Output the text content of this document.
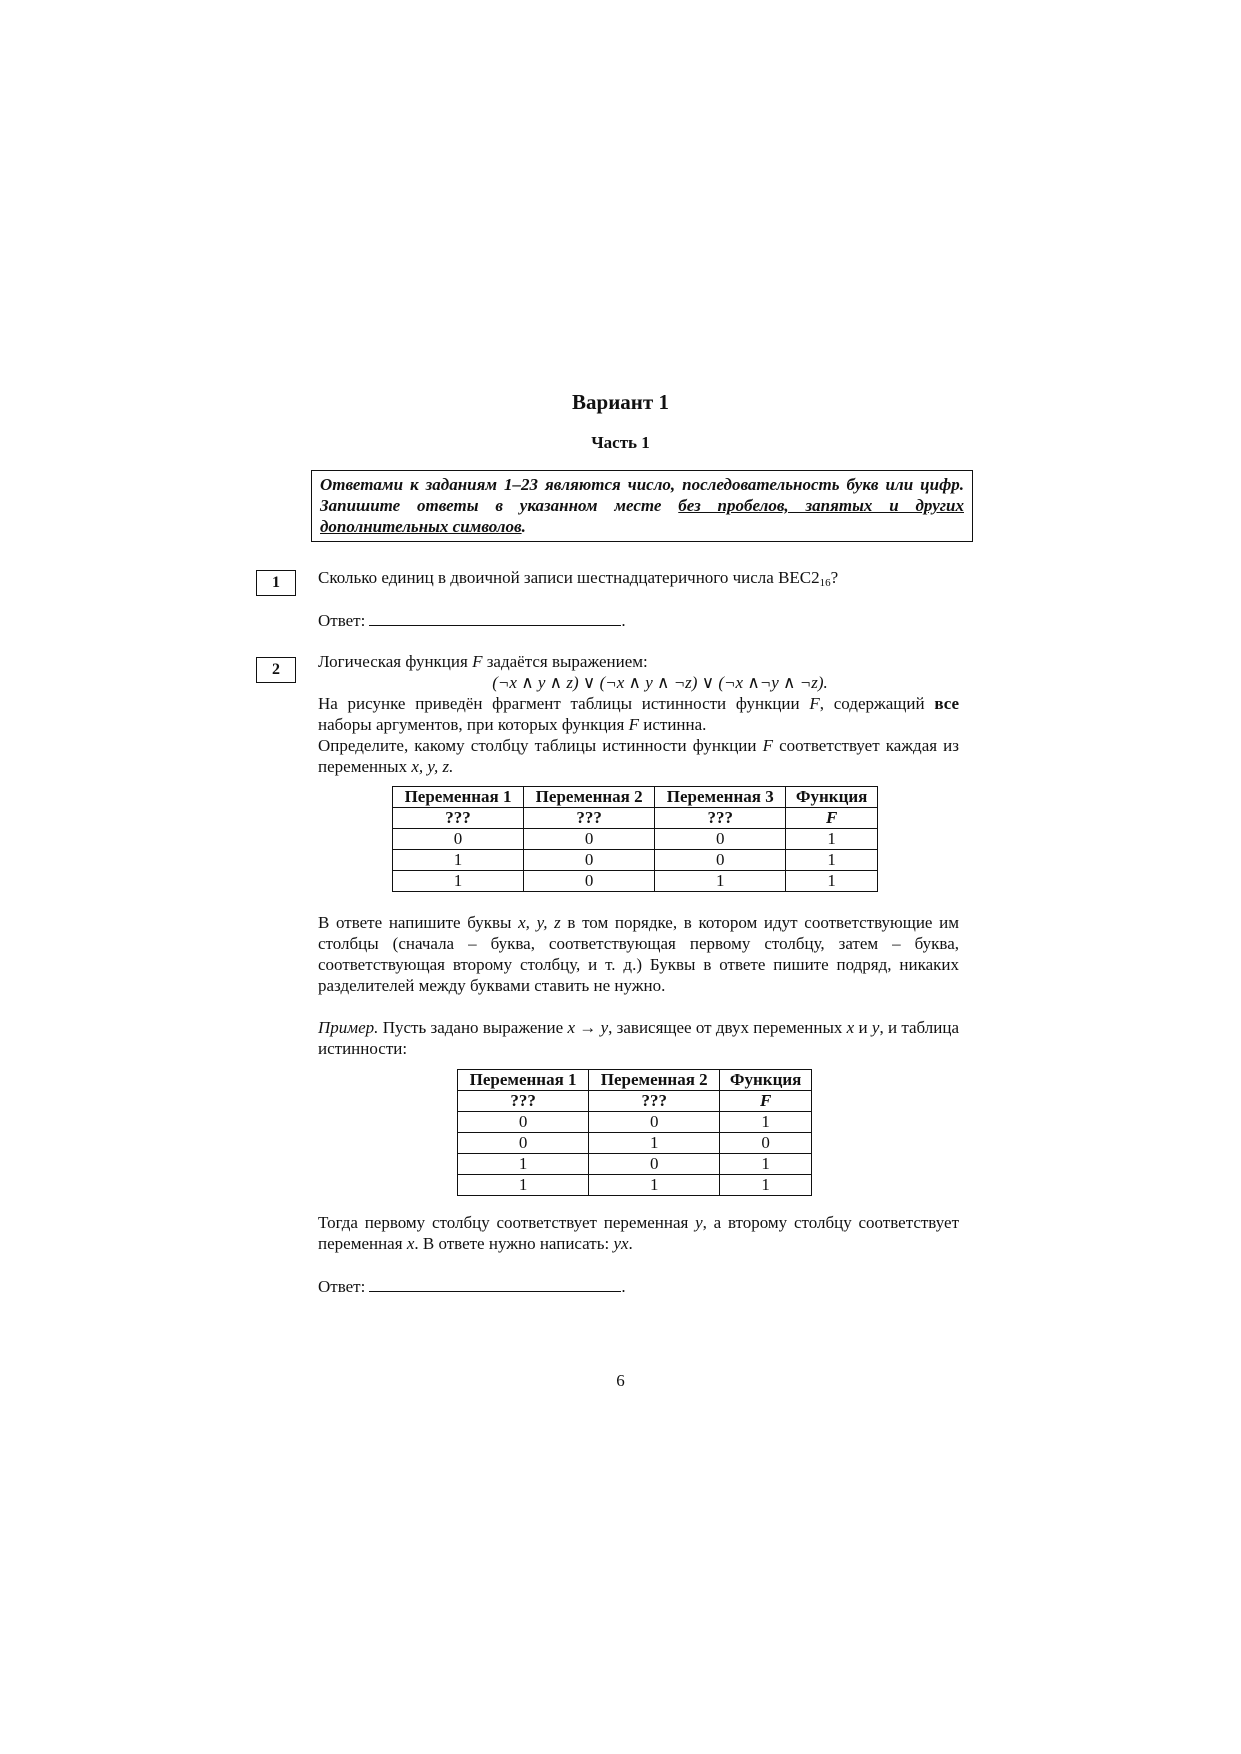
Вариант 1
Часть 1
Ответами к заданиям 1–23 являются число, последовательность букв или цифр. Запишите ответы в указанном месте без пробелов, запятых и других дополнительных символов.
1	Сколько единиц в двоичной записи шестнадцатеричного числа $BEC2_{16}$?
Ответ:	.
2	Логическая функция F задаётся выражением:
(¬x ∧ y ∧ z) ∨ (¬x ∧ y ∧ ¬z) ∨ (¬x ∧¬y ∧ ¬z).
На рисунке приведён фрагмент таблицы истинности функции F, содержащий все наборы аргументов, при которых функция F истинна.
Определите, какому столбцу таблицы истинности функции F соответствует каждая из переменных x, y, z.
Переменная 1	Переменная 2	Переменная 3	Функция
???	???	???	F
0	0	0	1
1	0	0	1
1	0	1	1
В ответе напишите буквы x, y, z в том порядке, в котором идут соответствующие им столбцы (сначала – буква, соответствующая первому столбцу, затем – буква, соответствующая второму столбцу, и т. д.) Буквы в ответе пишите подряд, никаких разделителей между буквами ставить не нужно.
Пример. Пусть задано выражение x → y, зависящее от двух переменных x и y, и таблица истинности:
Переменная 1	Переменная 2	Функция
???	???	F
0	0	1
0	1	0
1	0	1
1	1	1
Тогда первому столбцу соответствует переменная y, а второму столбцу соответствует переменная x. В ответе нужно написать: yx.
Ответ:	.
6
